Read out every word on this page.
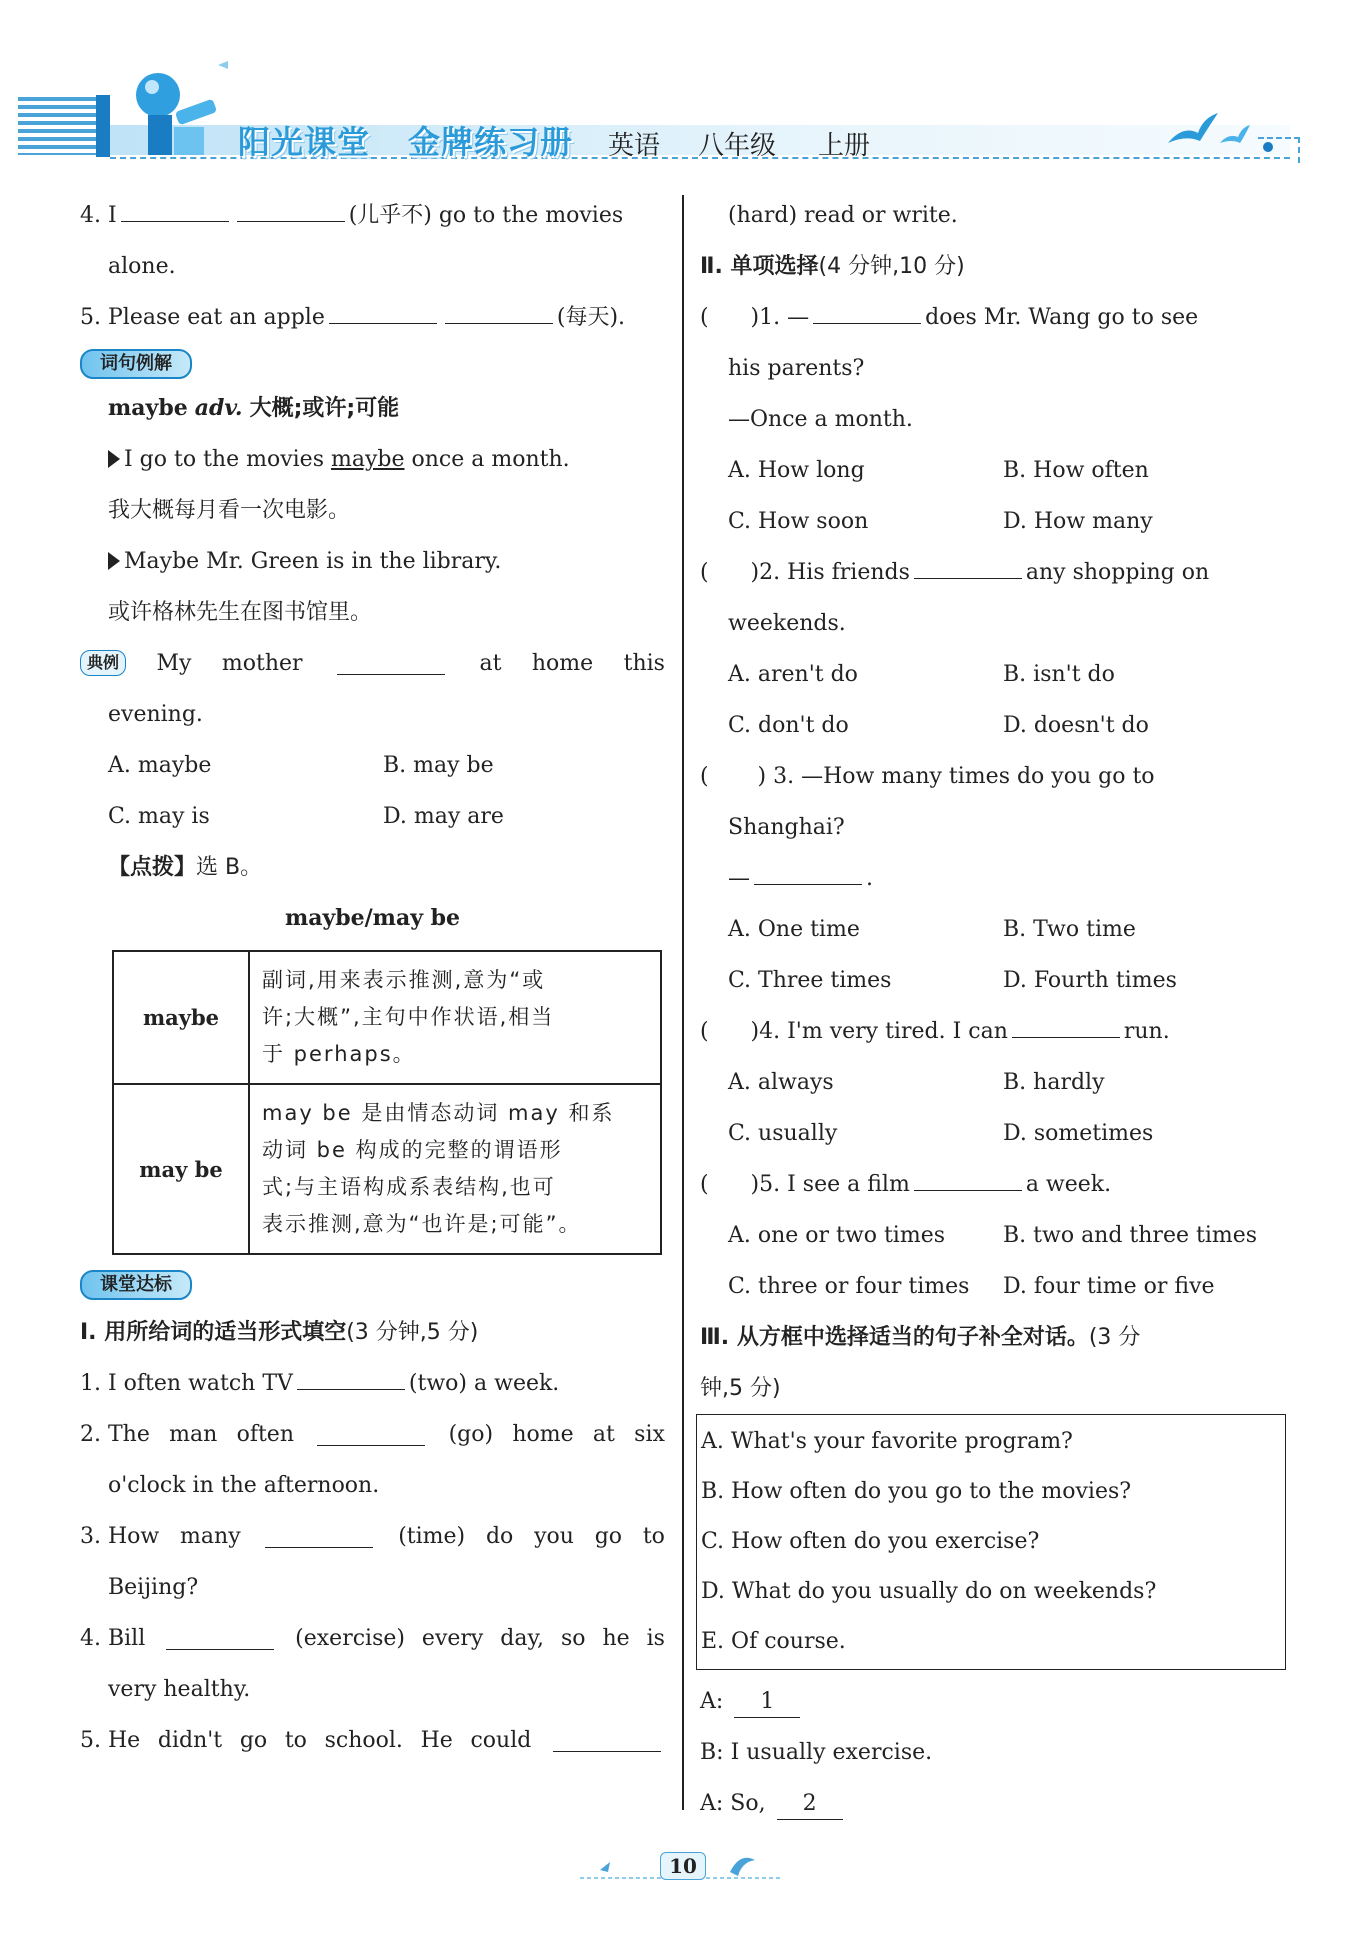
阳光课堂 金牌练习册 英语 八年级 上册
4. I	(儿乎不) go to the movies
alone.
5. Please eat an apple	(每天).
词句例解
maybe adv. 大概;或许;可能
I go to the movies maybe once a month.
我大概每月看一次电影。
Maybe Mr. Green is in the library.
或许格林先生在图书馆里。
典例	My mother	at home this
evening.
A. maybe	B. may be
C. may is	D. may are
【点拨】选 B。
maybe/may be
maybe	副词,用来表示推测,意为“或
许;大概”,主句中作状语,相当
于 perhaps。

may be	may be 是由情态动词 may 和系
动词 be 构成的完整的谓语形
式;与主语构成系表结构,也可
表示推测,意为“也许是;可能”。
课堂达标
Ⅰ. 用所给词的适当形式填空(3 分钟,5 分)
1. I often watch TV	(two) a week.
2. The man often	(go) home at six
o'clock in the afternoon.
3. How many	(time) do you go to
Beijing?
4. Bill	(exercise) every day, so he is
very healthy.
5. He didn't go to school. He could
(hard) read or write.
Ⅱ. 单项选择(4 分钟,10 分)
(      )1. —	does Mr. Wang go to see
his parents?
—Once a month.
A. How long	B. How often
C. How soon	D. How many
(      )2. His friends	any shopping on
weekends.
A. aren't do	B. isn't do
C. don't do	D. doesn't do
(       ) 3. —How many times do you go to
Shanghai?
—	.
A. One time	B. Two time
C. Three times	D. Fourth times
(      )4. I'm very tired. I can	run.
A. always	B. hardly
C. usually	D. sometimes
(      )5. I see a film	a week.
A. one or two times	B. two and three times
C. three or four times	D. four time or five
Ⅲ. 从方框中选择适当的句子补全对话。(3 分
钟,5 分)
A. What's your favorite program?
B. How often do you go to the movies?
C. How often do you exercise?
D. What do you usually do on weekends?
E. Of course.
A: 1
B: I usually exercise.
A: So, 2
10
